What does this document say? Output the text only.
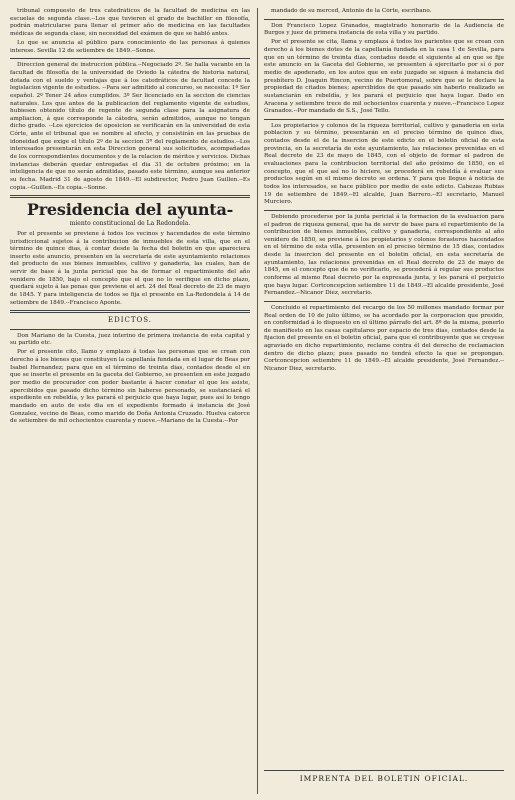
tribunal compuesto de tres catedráticos de la facultad de medicina en las escuelas de segunda clase.--Los que tuvieren el grado de bachiller en filosofía, podrán matricularse para llenar el primer año de medicina en las facultades médicas de segunda clase, sin necesidad del exámen de que se habló antes.

Lo que se anuncia al público para conocimiento de las personas á quienes interese. Sevilla 12 de setiembre de 1849.--Sonne.

Direccion general de instruccion pública.--Negociado 2º. Se halla vacante en la facultad de filosofía de la universidad de Oviedo la cátedra de historia natural, dotada con el sueldo y ventajas que á los catedráticos de facultad concede la legislacion vigente de estudios. --Para ser admitido al concurso, se necesita: 1º Ser español. 2º Tener 24 años cumplidos. 3º Ser licenciado en la seccion de ciencias naturales. Los que antes de la publicacion del reglamento vigente de estudios, hubiesen obtenido título de regente de segunda clase para la asignatura de ampliacion, á que corresponde la cátedra, serán admitidos, aunque no tengan dicho grado. --Los ejercicios de oposicion se verificarán en la universidad de esta Córte, ante el tribunal que se nombre al efecto, y consistirán en las pruebas de idoneidad que exige el título 2º de la seccion 3ª del reglamento de estudios.--Los interesados presentarán en esta Direccion general sus solicitudes, acompañadas de los correspondientes documentos y de la relacion de méritos y servicios. Dichas instancias deberán quedar entregadas el dia 31 de octubre próximo; en la inteligencia de que no serán admitidas, pasado este término, aunque sea anterior su fecha. Madrid 31 de agosto de 1849.--El subdirector, Pedro Juan Guillen.--Es copia.--Guillen.--Es copia.--Sonne.

Presidencia del ayunta-
miento constitucional de La Redondela.

Por el presente se previene á todos los vecinos y hacendados de este término jurisdiccional sujetos á la contribucion de inmuebles de esta villa, que en el término de quince dias, á contar desde la fecha del boletin en que apareciera inserto este anuncio, presenten en la secretaría de este ayuntamiento relaciones del producto de sus bienes inmuebles, cultivo y ganaderia, las cuales, han de servir de base á la junta pericial que ha de formar el repartimiento del año venidero de 1850, bajo el concepto que el que no lo verifique en dicho plazo, quedará sujeto á las penas que previene el art. 24 del Real decreto de 23 de mayo de 1845. Y para inteligencia de todos se fija el presente en La-Redondela á 14 de setiembre de 1849.--Francisco Aponte.

EDICTOS.

Don Mariano de la Cuesta, juez interino de primera instancia de esta capital y su partido etc.

Por el presente cito, llamo y emplazo á todas las personas que se crean con derecho á los bienes que constituyen la capellanía fundada en el lugar de Beas por Isabel Hernandez; para que en el término de treinta dias, contados desde el en que se inserte el presente en la gaceta del Gobierno, se presenten en este juzgado por medio de procurador con poder bastante á hacer constar el que les asiste, apercibidos que pasado dicho término sin haberse personado, se sustanciará el expediente en rebeldía, y les parará el perjuicio que haya lugar, pues así lo tengo mandado en auto de este dia en el expediente formado á instancia de José Gonzalez, vecino de Beas, como marido de Doña Antonia Cruzado. Huelva catorce de setiembre de mil ochocientos cuarenta y nueve.--Mariano de la Cuesta.--Por

mandado de su merced, Antonio de la Córte, escribano.

Don Francisco Lopez Granados, magistrado honorario de la Audiencia de Burgos y juez de primera instancia de esta villa y su partido.

Por el presente se cita, llama y emplaza á todos los parientes que se crean con derecho á los bienes dotes de la capellanía fundada en la casa 1 de Sevilla, para que en un término de treinta dias, contados desde el siguiente al en que se fije este anuncio en la Gaceta del Gobierno, se presenten á ejercitarlo por sí ó por medio de apoderado, en los autos que en este juzgado se siguen á instancia del presbítero D. Joaquin Rincon, vecino de Puertomoral, sobre que se le declare la propiedad de citados bienes; apercibidos de que pasado sin haberlo realizado se sustanciarán en rebeldía, y les parará el perjuicio que haya lugar. Dado en Aracena y setiembre trece de mil ochocientos cuarenta y nueve.--Francisco Lopez Granados.--Por mandado de S.S., José Tello.

Los propietarios y colonos de la riqueza territorial, cultivo y ganaderia en esta poblacion y su término, presentarán en el preciso término de quince dias, contados desde el de la insercion de este edicto en el boletin oficial de esta provincia, en la secretaría de este ayuntamiento, las relaciones prevenidas en el Real decreto de 23 de mayo de 1845, con el objeto de formar el padron de evaluaciones para la contribucion territorial del año próximo de 1850, en el concepto, que el que así no lo hiciere, se procederá en rebeldía á evaluar sus productos según en el mismo decreto se ordena. Y para que llegue á noticia de todos los interesados, se hace público por medio de este edicto. Cabezas Rubias 19 de setiembre de 1849.--El alcalde, Juan Barrero.--El secretario, Manuel Murciero.

Debiendo procederse por la junta pericial á la formacion de la evaluacion para el padron de riqueza general, que ha de servir de base para el repartimiento de la contribucion de bienes inmuebles, cultivo y ganaderia, correspondiente al año venidero de 1850, se previene á los propietarios y colonos forasteros hacendados en el término de esta villa, presenten en el preciso término de 15 dias, contados desde la insercion del presente en el boletin oficial, en esta secretaría de ayuntamiento, las relaciones prevenidas en el Real decreto de 23 de mayo de 1845, en el concepto que de no verificarlo, se procederá á regular sus productos conforme al mismo Real decreto por la expresada junta, y les parará el perjuicio que haya lugar. Cortconcepcion setiembre 11 de 1849.--El alcalde presidente, José Fernandez.--Nicanor Diez, secretario.

Concluido el repartimiento del recargo de los 50 millones mandado formar por Real orden de 10 de julio último, se ha acordado por la corporacion que presido, en conformidad á lo dispuesto en el último párrafo del art. 8º de la misma, ponerlo de manifiesto en las casas capitulares por espacio de tres dias, contados desde la fijacion del presente en el boletin oficial, para que el contribuyente que se creyese agraviado en dicho repartimiento, reclame contra él del derecho de reclamacion dentro de dicho plazo; pues pasado no tendrá efecto la que se propongan. Cortconcepcion setiembre 11 de 1849.--El alcalde presidente, José Fernandez.--Nicanor Diez, secretario.

IMPRENTA DEL BOLETIN OFICIAL.
